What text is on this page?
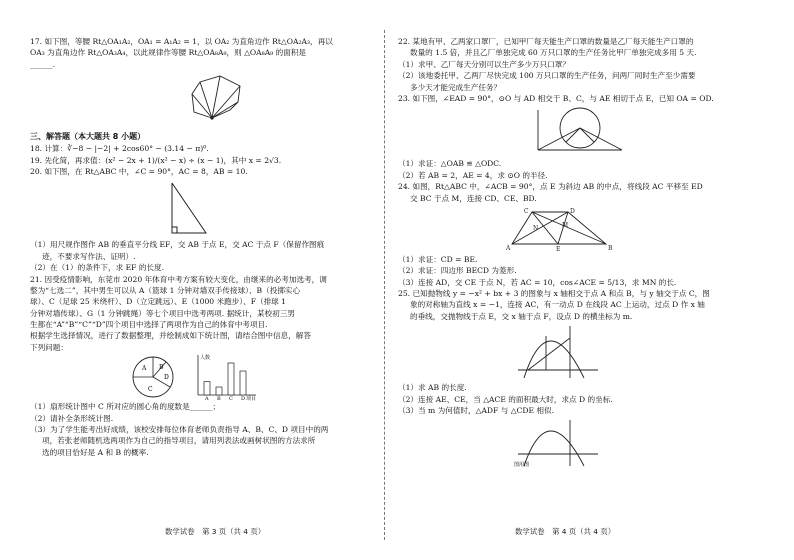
17. 如下图，等腰 Rt△OA₁A₂，OA₁ = A₁A₂ = 1，以 OA₂ 为直角边作 Rt△OA₂A₃，再以

OA₃ 为直角边作 Rt△OA₃A₄，以此规律作等腰 Rt△OA₈A₉，则 △OA₈A₉ 的面积是

______.

三、解答题（本大题共 8 小题）

18. 计算：∛−8 − |−2| + 2cos60° − (3.14 − π)⁰.

19. 先化简，再求值：(x² − 2x + 1)/(x² − x) ÷ (x − 1)，其中 x = 2√3.

20. 如下图，在 Rt△ABC 中，∠C = 90°，AC = 8，AB = 10.

（1）用尺规作图作 AB 的垂直平分线 EF，交 AB 于点 E，交 AC 于点 F（保留作图痕

迹，不要求写作法、证明）.

（2）在（1）的条件下，求 EF 的长度.

21. 因受疫情影响，东莞市 2020 年体育中考方案有较大变化，由继来的必考加选考，调

整为“七选二”，其中男生可以从 A（篮球 1 分钟对墙双手传接球）、B（投掷实心

球）、C（足球 25 米绕杆）、D（立定跳远）、E（1000 米跑步）、F（排球 1

分钟对墙传球）、G（1 分钟跳绳）等七个项目中选考两项. 据统计，某校初三男

生都在“A”“B”“C”“D”四个项目中选择了两项作为自己的体育中考项目.

根据学生选择情况，进行了数据整理，并绘制成如下统计图，请结合图中信息，解答

下列问题：

A B
C
D
人数
项目
A B C D

（1）扇形统计图中 C 所对应的圆心角的度数是______；

（2）请补全条形统计图.

（3）为了学生能考出好成绩，该校安排每位体育老师负责指导 A、B、C、D 项目中的两

项，若张老师随机选两项作为自己的指导项目，请用列表法或画树状图的方法求所

选的项目恰好是 A 和 B 的概率.

22. 某地有甲、乙两家口罩厂，已知甲厂每天能生产口罩的数量是乙厂每天能生产口罩的

数量的 1.5 倍，并且乙厂单独完成 60 万只口罩的生产任务比甲厂单独完成多用 5 天.

（1）求甲、乙厂每天分别可以生产多少万只口罩？

（2）该地委托甲、乙两厂尽快完成 100 万只口罩的生产任务，问两厂同时生产至少需要

多少天才能完成生产任务？

23. 如下图，∠EAD = 90°，⊙O 与 AD 相交于 B、C，与 AE 相切于点 E，已知 OA = OD.

（1）求证：△OAB ≌ △ODC.

（2）若 AB = 2，AE = 4，求 ⊙O 的半径.

24. 如图，Rt△ABC 中，∠ACB = 90°，点 E 为斜边 AB 的中点，将线段 AC 平移至 ED

交 BC 于点 M，连接 CD、CE、BD.

C	D
M
N
A	E	B

（1）求证：CD = BE.

（2）求证：四边形 BECD 为菱形.

（3）连接 AD，交 CE 于点 N，若 AC = 10，cos∠ACE = 5/13，求 MN 的长.

25. 已知抛物线 y = −x² + bx + 3 的图象与 x 轴相交于点 A 和点 B，与 y 轴交于点 C，图

象的对称轴为直线 x = −1，连接 AC，有一动点 D 在线段 AC 上运动，过点 D 作 x 轴

的垂线，交抛物线于点 E，交 x 轴于点 F，设点 D 的横坐标为 m.

（1）求 AB 的长度.

（2）连接 AE、CE，当 △ACE 的面积最大时，求点 D 的坐标.

（3）当 m 为何值时，△ADF 与 △CDE 相似.

图用图
数学试卷　第 3 页（共 4 页）	数学试卷　第 4 页（共 4 页）
